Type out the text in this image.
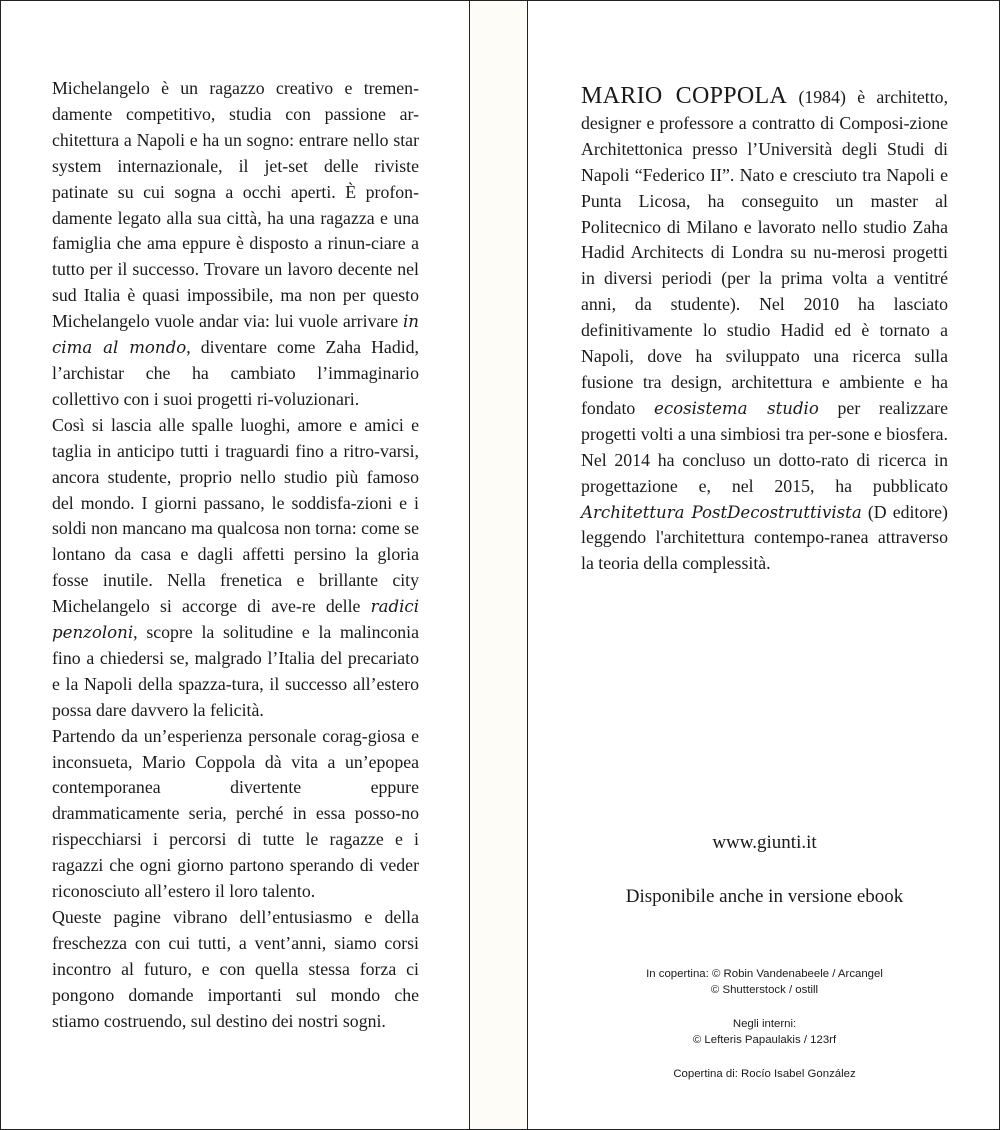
Michelangelo è un ragazzo creativo e tremen-damente competitivo, studia con passione ar-chitettura a Napoli e ha un sogno: entrare nello star system internazionale, il jet-set delle riviste patinate su cui sogna a occhi aperti. È profon-damente legato alla sua città, ha una ragazza e una famiglia che ama eppure è disposto a rinun-ciare a tutto per il successo. Trovare un lavoro decente nel sud Italia è quasi impossibile, ma non per questo Michelangelo vuole andar via: lui vuole arrivare in cima al mondo, diventare come Zaha Hadid, l’archistar che ha cambiato l’immaginario collettivo con i suoi progetti ri-voluzionari.

Così si lascia alle spalle luoghi, amore e amici e taglia in anticipo tutti i traguardi fino a ritro-varsi, ancora studente, proprio nello studio più famoso del mondo. I giorni passano, le soddisfa-zioni e i soldi non mancano ma qualcosa non torna: come se lontano da casa e dagli affetti persino la gloria fosse inutile. Nella frenetica e brillante city Michelangelo si accorge di ave-re delle radici penzoloni, scopre la solitudine e la malinconia fino a chiedersi se, malgrado l’Italia del precariato e la Napoli della spazza-tura, il successo all’estero possa dare davvero la felicità.

Partendo da un’esperienza personale corag-giosa e inconsueta, Mario Coppola dà vita a un’epopea contemporanea divertente eppure drammaticamente seria, perché in essa posso-no rispecchiarsi i percorsi di tutte le ragazze e i ragazzi che ogni giorno partono sperando di veder riconosciuto all’estero il loro talento.

Queste pagine vibrano dell’entusiasmo e della freschezza con cui tutti, a vent’anni, siamo corsi incontro al futuro, e con quella stessa forza ci pongono domande importanti sul mondo che stiamo costruendo, sul destino dei nostri sogni.

MARIO COPPOLA (1984) è architetto, designer e professore a contratto di Composi-zione Architettonica presso l’Università degli Studi di Napoli “Federico II”. Nato e cresciuto tra Napoli e Punta Licosa, ha conseguito un master al Politecnico di Milano e lavorato nello studio Zaha Hadid Architects di Londra su nu-merosi progetti in diversi periodi (per la prima volta a ventitré anni, da studente). Nel 2010 ha lasciato definitivamente lo studio Hadid ed è tornato a Napoli, dove ha sviluppato una ricerca sulla fusione tra design, architettura e ambiente e ha fondato ecosistema studio per realizzare progetti volti a una simbiosi tra per-sone e biosfera. Nel 2014 ha concluso un dotto-rato di ricerca in progettazione e, nel 2015, ha pubblicato Architettura PostDecostruttivista (D editore) leggendo l'architettura contempo-ranea attraverso la teoria della complessità.

www.giunti.it
Disponibile anche in versione ebook
In copertina: © Robin Vandenabeele / Arcangel
© Shutterstock / ostill
Negli interni:
© Lefteris Papaulakis / 123rf
Copertina di: Rocío Isabel González
